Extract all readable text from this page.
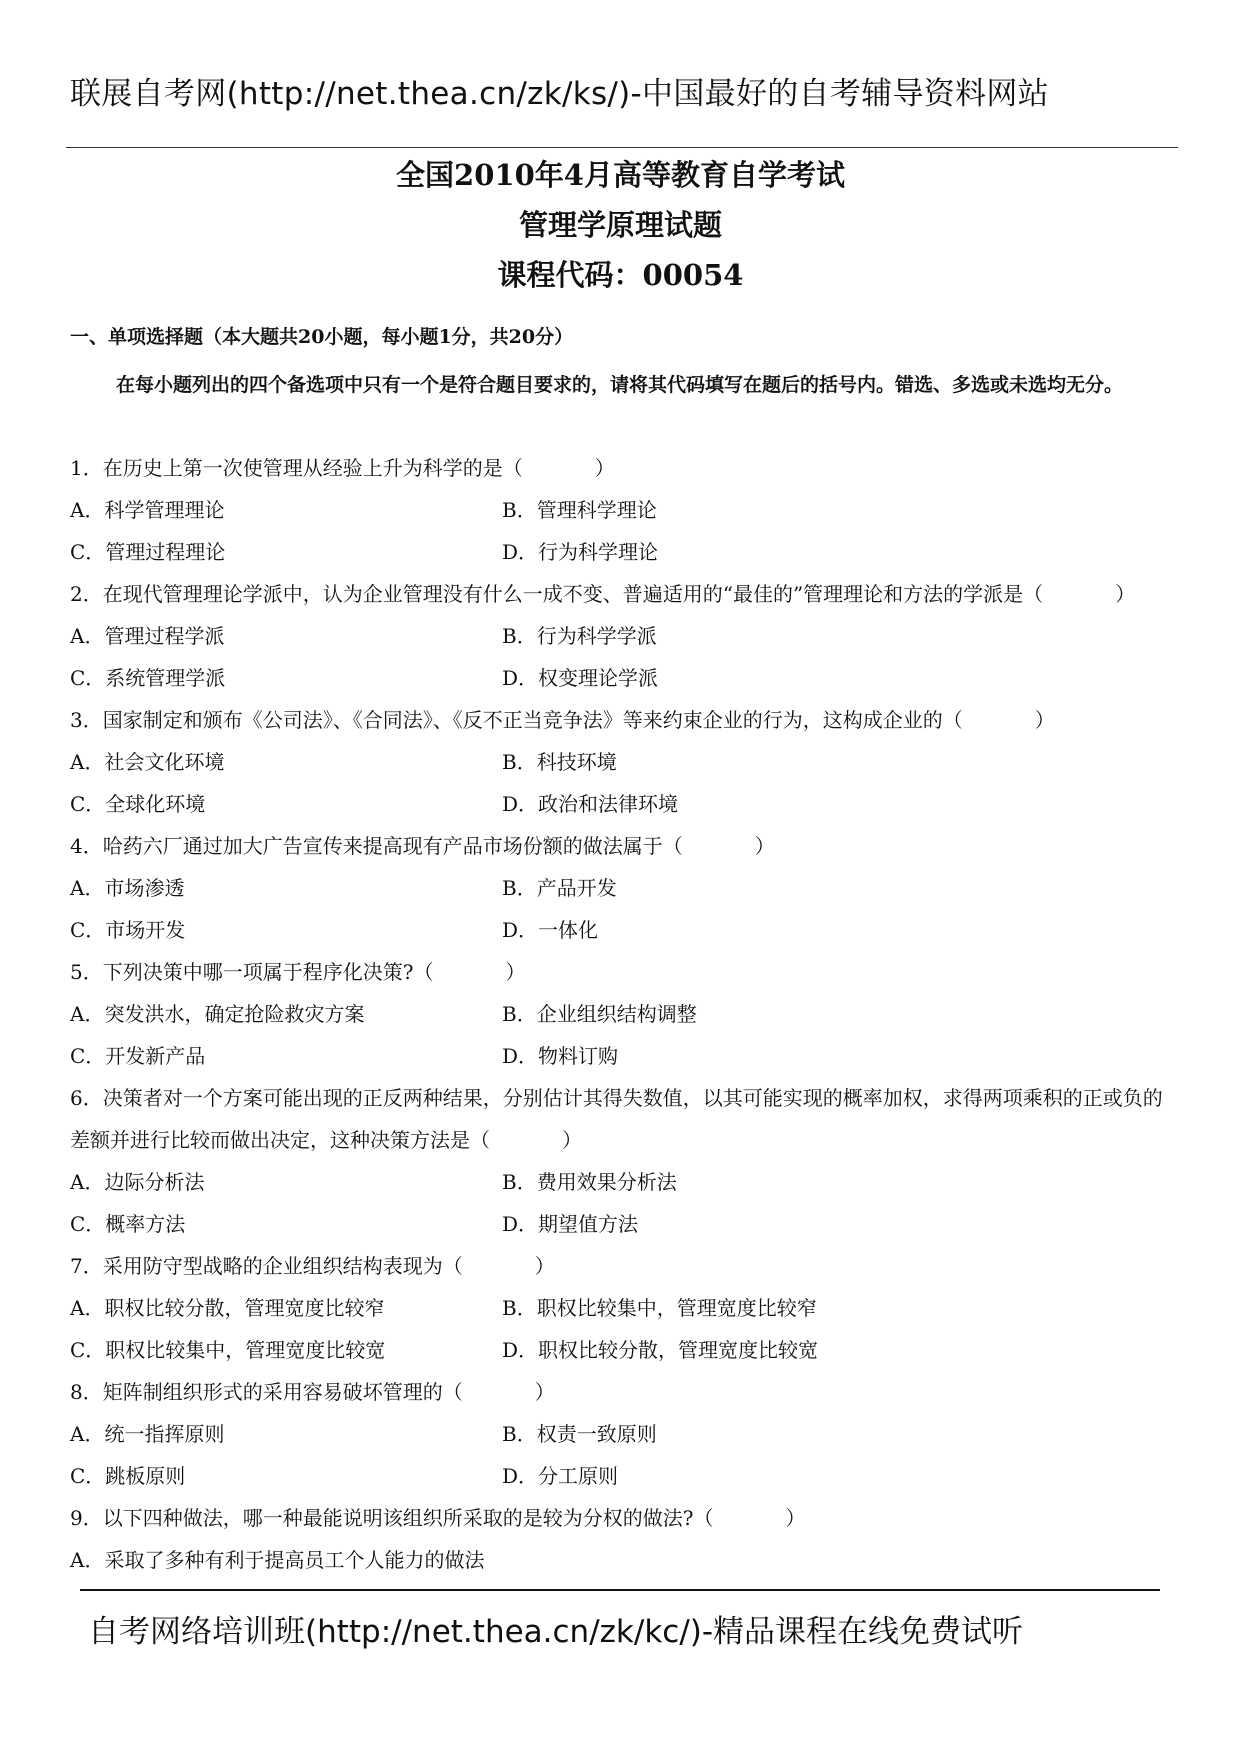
联展自考网(http://net.thea.cn/zk/ks/)-中国最好的自考辅导资料网站
全国2010年4月高等教育自学考试
管理学原理试题
课程代码：00054
一、单项选择题（本大题共20小题，每小题1分，共20分）
在每小题列出的四个备选项中只有一个是符合题目要求的，请将其代码填写在题后的括号内。错选、多选或未选均无分。
1．在历史上第一次使管理从经验上升为科学的是（	）
A．科学管理理论	B．管理科学理论
C．管理过程理论	D．行为科学理论
2．在现代管理理论学派中，认为企业管理没有什么一成不变、普遍适用的“最佳的”管理理论和方法的学派是（	）
A．管理过程学派	B．行为科学学派
C．系统管理学派	D．权变理论学派
3．国家制定和颁布《公司法》、《合同法》、《反不正当竞争法》等来约束企业的行为，这构成企业的（	）
A．社会文化环境	B．科技环境
C．全球化环境	D．政治和法律环境
4．哈药六厂通过加大广告宣传来提高现有产品市场份额的做法属于（	）
A．市场渗透	B．产品开发
C．市场开发	D．一体化
5．下列决策中哪一项属于程序化决策?（	）
A．突发洪水，确定抢险救灾方案	B．企业组织结构调整
C．开发新产品	D．物料订购
6．决策者对一个方案可能出现的正反两种结果，分别估计其得失数值，以其可能实现的概率加权，求得两项乘积的正或负的差额并进行比较而做出决定，这种决策方法是（	）
A．边际分析法	B．费用效果分析法
C．概率方法	D．期望值方法
7．采用防守型战略的企业组织结构表现为（	）
A．职权比较分散，管理宽度比较窄	B．职权比较集中，管理宽度比较窄
C．职权比较集中，管理宽度比较宽	D．职权比较分散，管理宽度比较宽
8．矩阵制组织形式的采用容易破坏管理的（	）
A．统一指挥原则	B．权责一致原则
C．跳板原则	D．分工原则
9．以下四种做法，哪一种最能说明该组织所采取的是较为分权的做法?（	）
A．采取了多种有利于提高员工个人能力的做法
自考网络培训班(http://net.thea.cn/zk/kc/)-精品课程在线免费试听
